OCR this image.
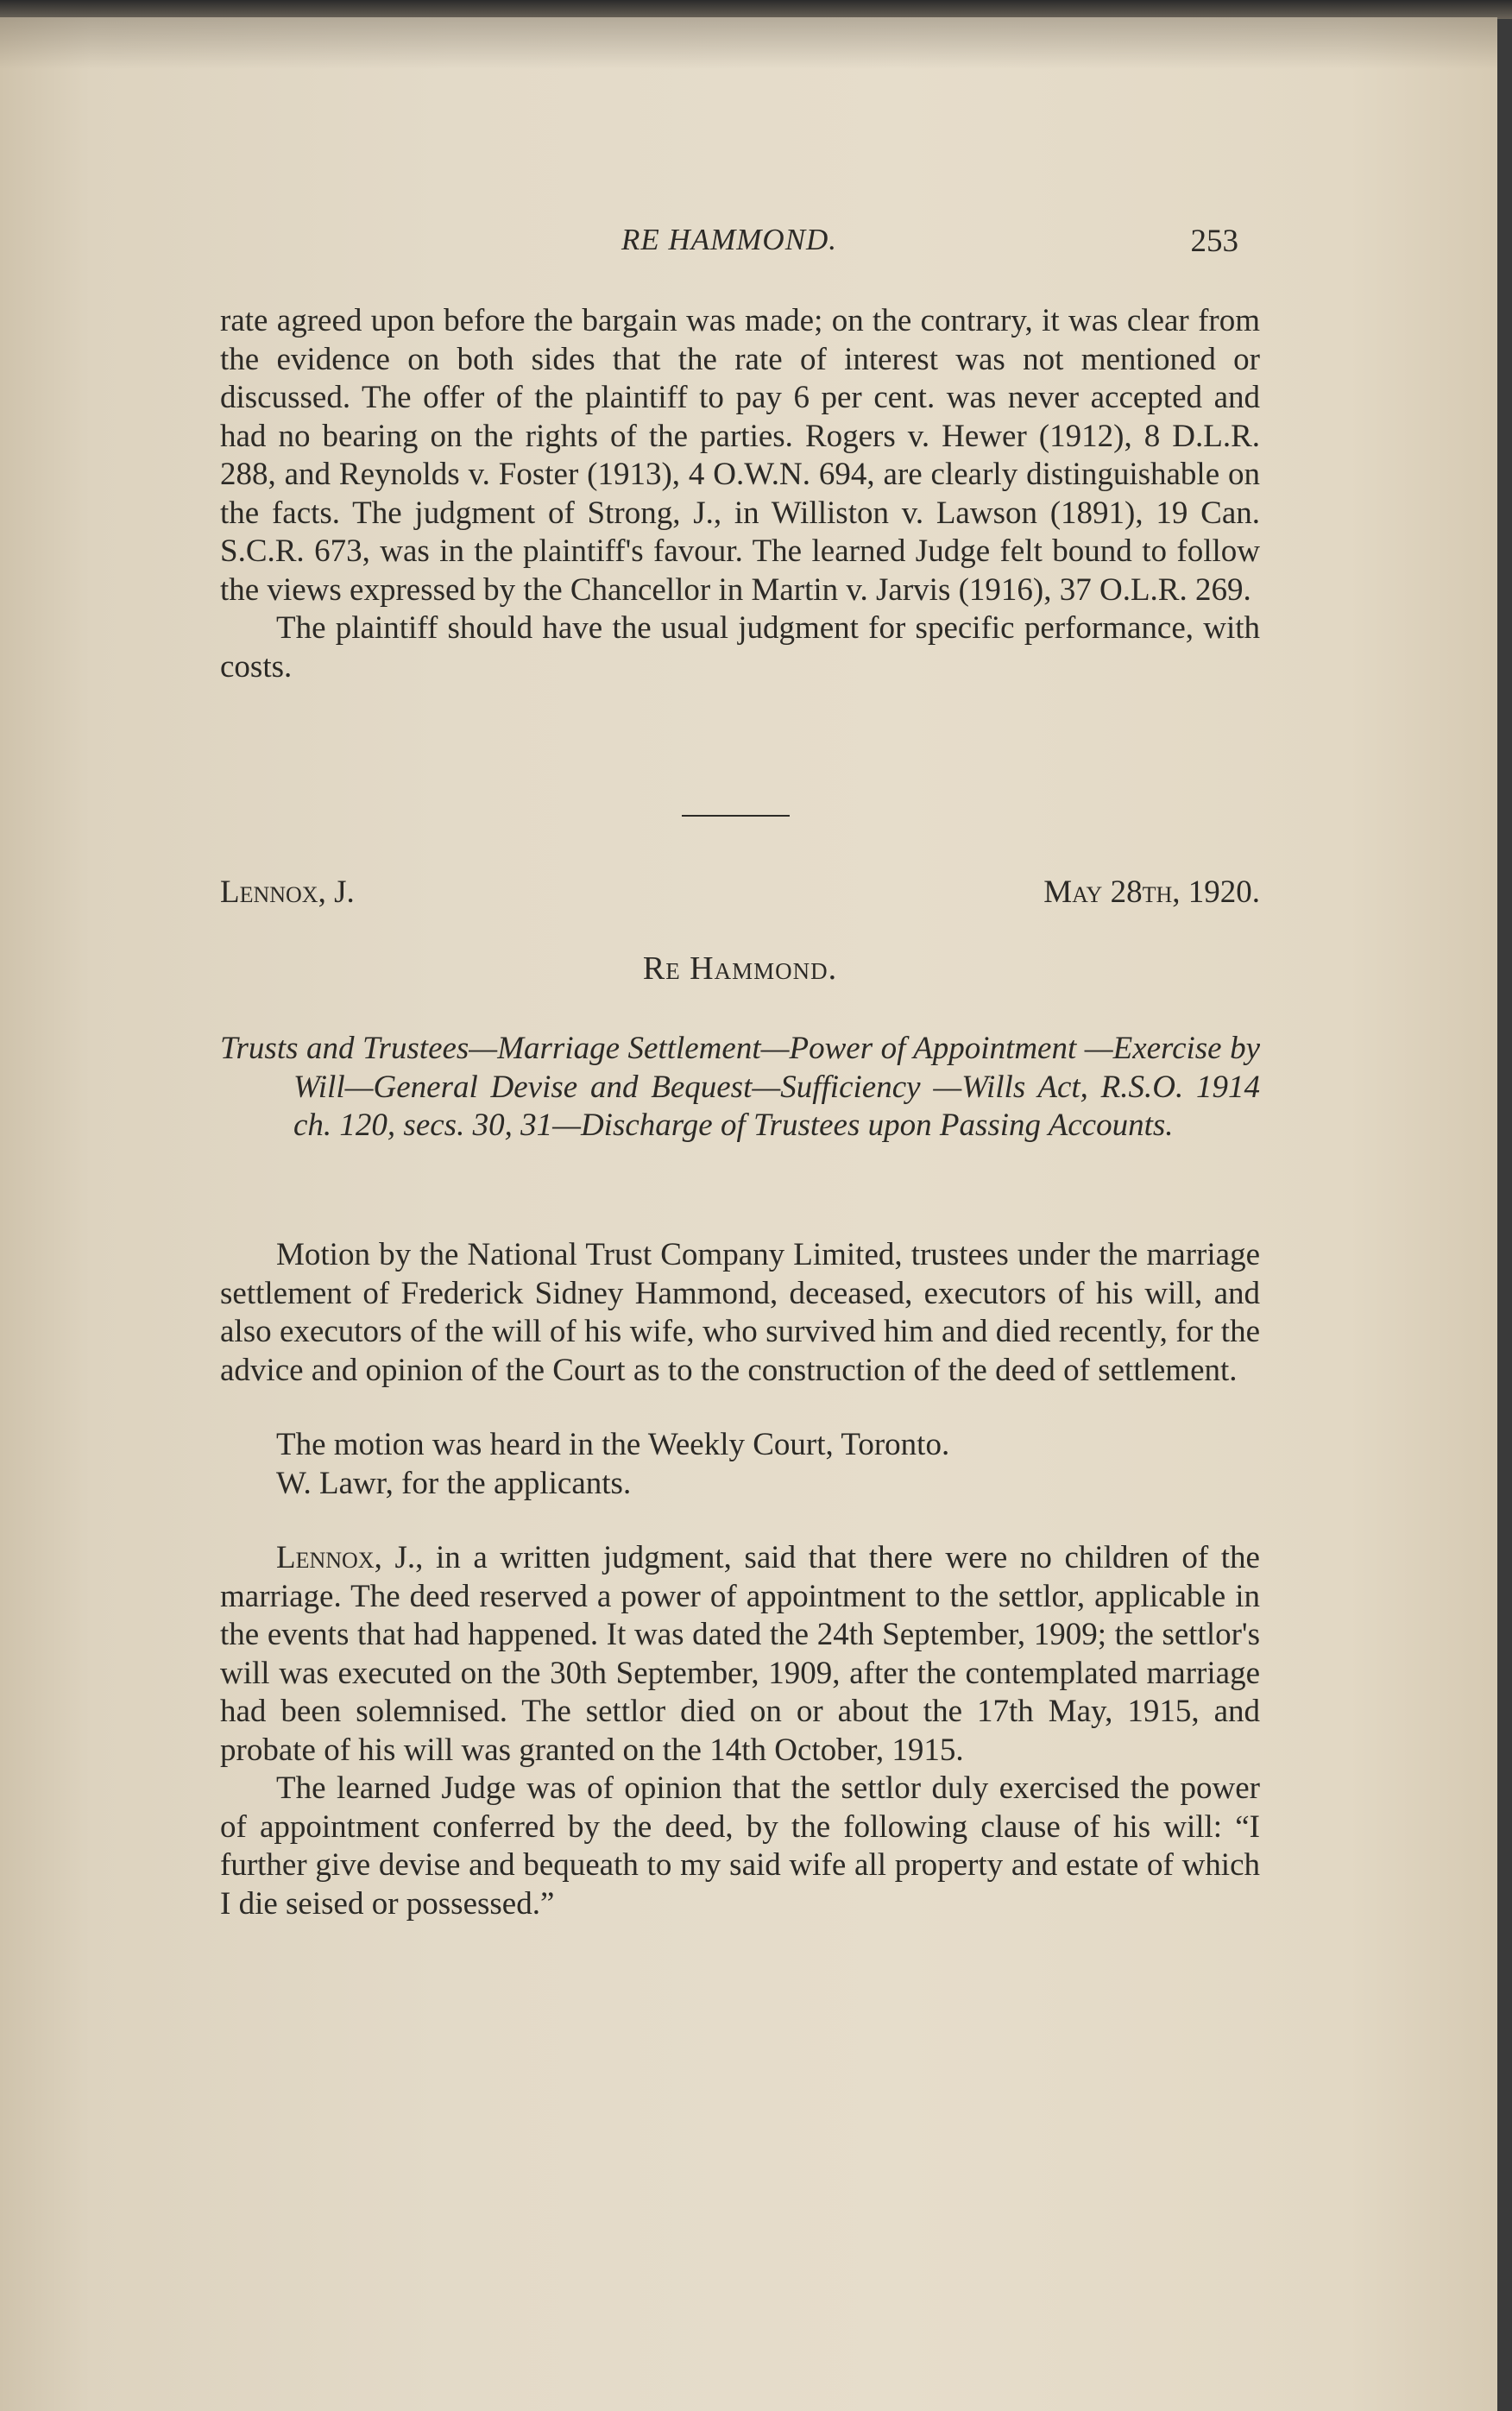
RE HAMMOND.	253

rate agreed upon before the bargain was made; on the contrary, it was clear from the evidence on both sides that the rate of interest was not mentioned or discussed. The offer of the plaintiff to pay 6 per cent. was never accepted and had no bearing on the rights of the parties. Rogers v. Hewer (1912), 8 D.L.R. 288, and Reynolds v. Foster (1913), 4 O.W.N. 694, are clearly distinguishable on the facts. The judgment of Strong, J., in Williston v. Lawson (1891), 19 Can. S.C.R. 673, was in the plaintiff's favour. The learned Judge felt bound to follow the views expressed by the Chancellor in Martin v. Jarvis (1916), 37 O.L.R. 269.

The plaintiff should have the usual judgment for specific performance, with costs.

Lennox, J.	May 28th, 1920.
Re Hammond.
Trusts and Trustees—Marriage Settlement—Power of Appointment —Exercise by Will—General Devise and Bequest—Sufficiency —Wills Act, R.S.O. 1914 ch. 120, secs. 30, 31—Discharge of Trustees upon Passing Accounts.

Motion by the National Trust Company Limited, trustees under the marriage settlement of Frederick Sidney Hammond, deceased, executors of his will, and also executors of the will of his wife, who survived him and died recently, for the advice and opinion of the Court as to the construction of the deed of settlement.

The motion was heard in the Weekly Court, Toronto.

W. Lawr, for the applicants.

Lennox, J., in a written judgment, said that there were no children of the marriage. The deed reserved a power of appointment to the settlor, applicable in the events that had happened. It was dated the 24th September, 1909; the settlor's will was executed on the 30th September, 1909, after the contemplated marriage had been solemnised. The settlor died on or about the 17th May, 1915, and probate of his will was granted on the 14th October, 1915.

The learned Judge was of opinion that the settlor duly exercised the power of appointment conferred by the deed, by the following clause of his will: “I further give devise and bequeath to my said wife all property and estate of which I die seised or possessed.”
